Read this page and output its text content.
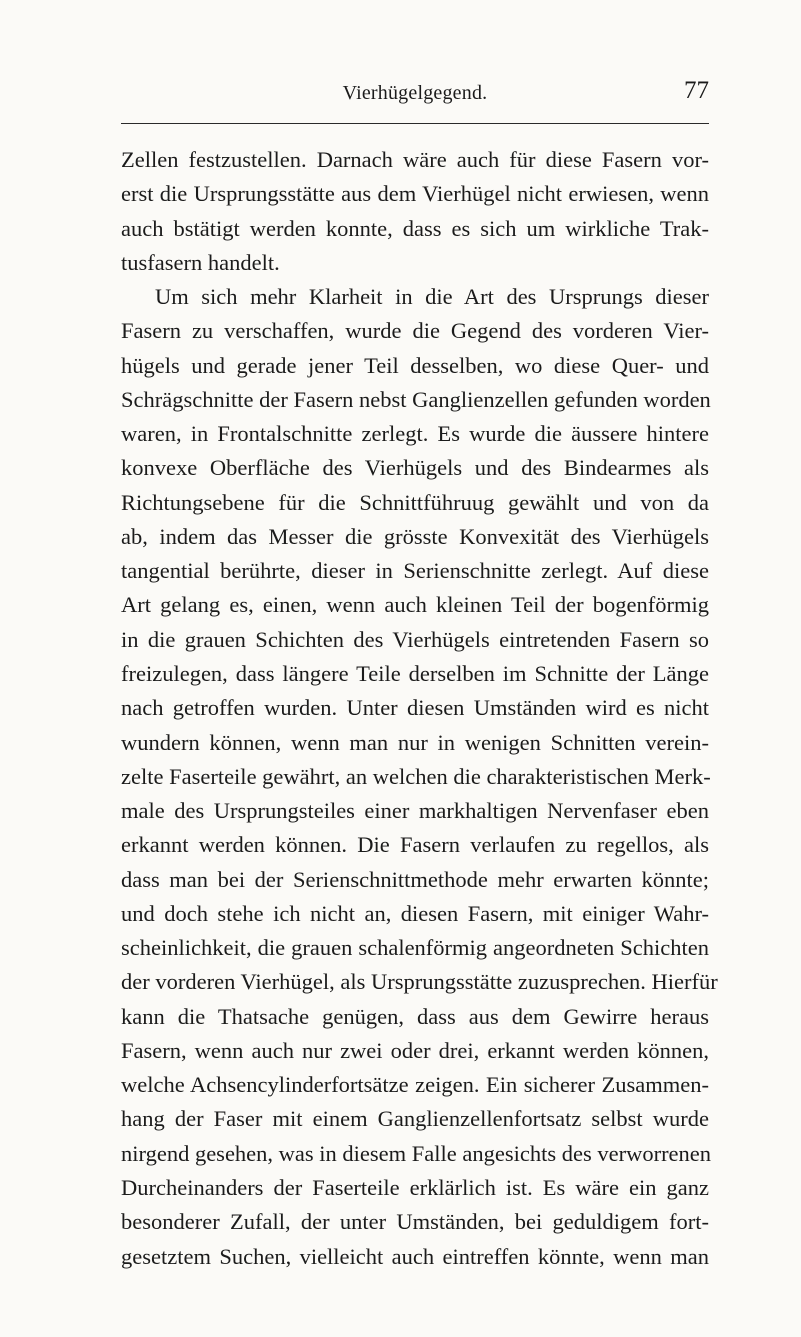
Vierhügelgegend.	77
Zellen festzustellen. Darnach wäre auch für diese Fasern vor-
erst die Ursprungsstätte aus dem Vierhügel nicht erwiesen, wenn
auch bstätigt werden konnte, dass es sich um wirkliche Trak-
tusfasern handelt.
Um sich mehr Klarheit in die Art des Ursprungs dieser
Fasern zu verschaffen, wurde die Gegend des vorderen Vier-
hügels und gerade jener Teil desselben, wo diese Quer- und
Schrägschnitte der Fasern nebst Ganglienzellen gefunden worden
waren, in Frontalschnitte zerlegt. Es wurde die äussere hintere
konvexe Oberfläche des Vierhügels und des Bindearmes als
Richtungsebene für die Schnittführuug gewählt und von da
ab, indem das Messer die grösste Konvexität des Vierhügels
tangential berührte, dieser in Serienschnitte zerlegt. Auf diese
Art gelang es, einen, wenn auch kleinen Teil der bogenförmig
in die grauen Schichten des Vierhügels eintretenden Fasern so
freizulegen, dass längere Teile derselben im Schnitte der Länge
nach getroffen wurden. Unter diesen Umständen wird es nicht
wundern können, wenn man nur in wenigen Schnitten verein-
zelte Faserteile gewährt, an welchen die charakteristischen Merk-
male des Ursprungsteiles einer markhaltigen Nervenfaser eben
erkannt werden können. Die Fasern verlaufen zu regellos, als
dass man bei der Serienschnittmethode mehr erwarten könnte;
und doch stehe ich nicht an, diesen Fasern, mit einiger Wahr-
scheinlichkeit, die grauen schalenförmig angeordneten Schichten
der vorderen Vierhügel, als Ursprungsstätte zuzusprechen. Hierfür
kann die Thatsache genügen, dass aus dem Gewirre heraus
Fasern, wenn auch nur zwei oder drei, erkannt werden können,
welche Achsencylinderfortsätze zeigen. Ein sicherer Zusammen-
hang der Faser mit einem Ganglienzellenfortsatz selbst wurde
nirgend gesehen, was in diesem Falle angesichts des verworrenen
Durcheinanders der Faserteile erklärlich ist. Es wäre ein ganz
besonderer Zufall, der unter Umständen, bei geduldigem fort-
gesetztem Suchen, vielleicht auch eintreffen könnte, wenn man
